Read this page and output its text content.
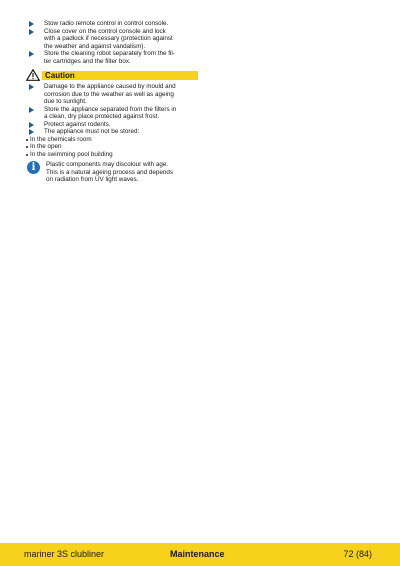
Stow radio remote control in control console.
Close cover on the control console and lock
with a padlock if necessary (protection against
the weather and against vandalism).
Store the cleaning robot separately from the fil-
ter cartridges and the filter box.
Caution
Damage to the appliance caused by mould and
corrosion due to the weather as well as ageing
due to sunlight.
Store the appliance separated from the filters in
a clean, dry place protected against frost.
Protect against rodents.
The appliance must not be stored:
In the chemicals room
In the open
In the swimming pool building
i	Plastic components may discolour with age.
This is a natural ageing process and depends
on radiation from UV light waves.
mariner 3S clubliner	Maintenance	72 (84)
